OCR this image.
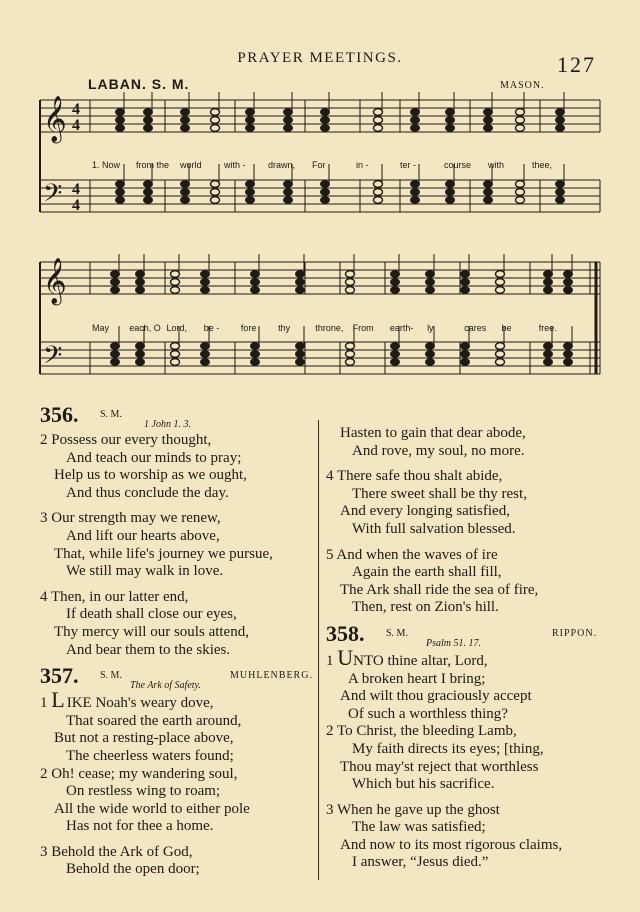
PRAYER MEETINGS.	127
LABAN. S. M.	MASON.
𝄞
𝄢
𝄞
𝄢
4
4
4
4
1. Now from the world with - drawn, For	in -	ter -	course with	thee,
May each, O Lord, be - fore thy	throne, From earth- ly	cares be	free.
356. S. M.
1 John 1. 3.
2 Possess our every thought,
And teach our minds to pray;
Help us to worship as we ought,
And thus conclude the day.
3 Our strength may we renew,
And lift our hearts above,
That, while life's journey we pursue,
We still may walk in love.
4 Then, in our latter end,
If death shall close our eyes,
Thy mercy will our souls attend,
And bear them to the skies.
357. S. M.
The Ark of Safety.
MUHLENBERG.
1 L IKE Noah's weary dove,
That soared the earth around,
But not a resting-place above,
The cheerless waters found;
2 Oh! cease; my wandering soul,
On restless wing to roam;
All the wide world to either pole
Has not for thee a home.
3 Behold the Ark of God,
Behold the open door;
Hasten to gain that dear abode,
And rove, my soul, no more.
4 There safe thou shalt abide,
There sweet shall be thy rest,
And every longing satisfied,
With full salvation blessed.
5 And when the waves of ire
Again the earth shall fill,
The Ark shall ride the sea of fire,
Then, rest on Zion's hill.
358. S. M.
Psalm 51. 17.
RIPPON.
1 UNTO thine altar, Lord,
A broken heart I bring;
And wilt thou graciously accept
Of such a worthless thing?
2 To Christ, the bleeding Lamb,
My faith directs its eyes; [thing,
Thou may'st reject that worthless
Which but his sacrifice.
3 When he gave up the ghost
The law was satisfied;
And now to its most rigorous claims,
I answer, “Jesus died.”
